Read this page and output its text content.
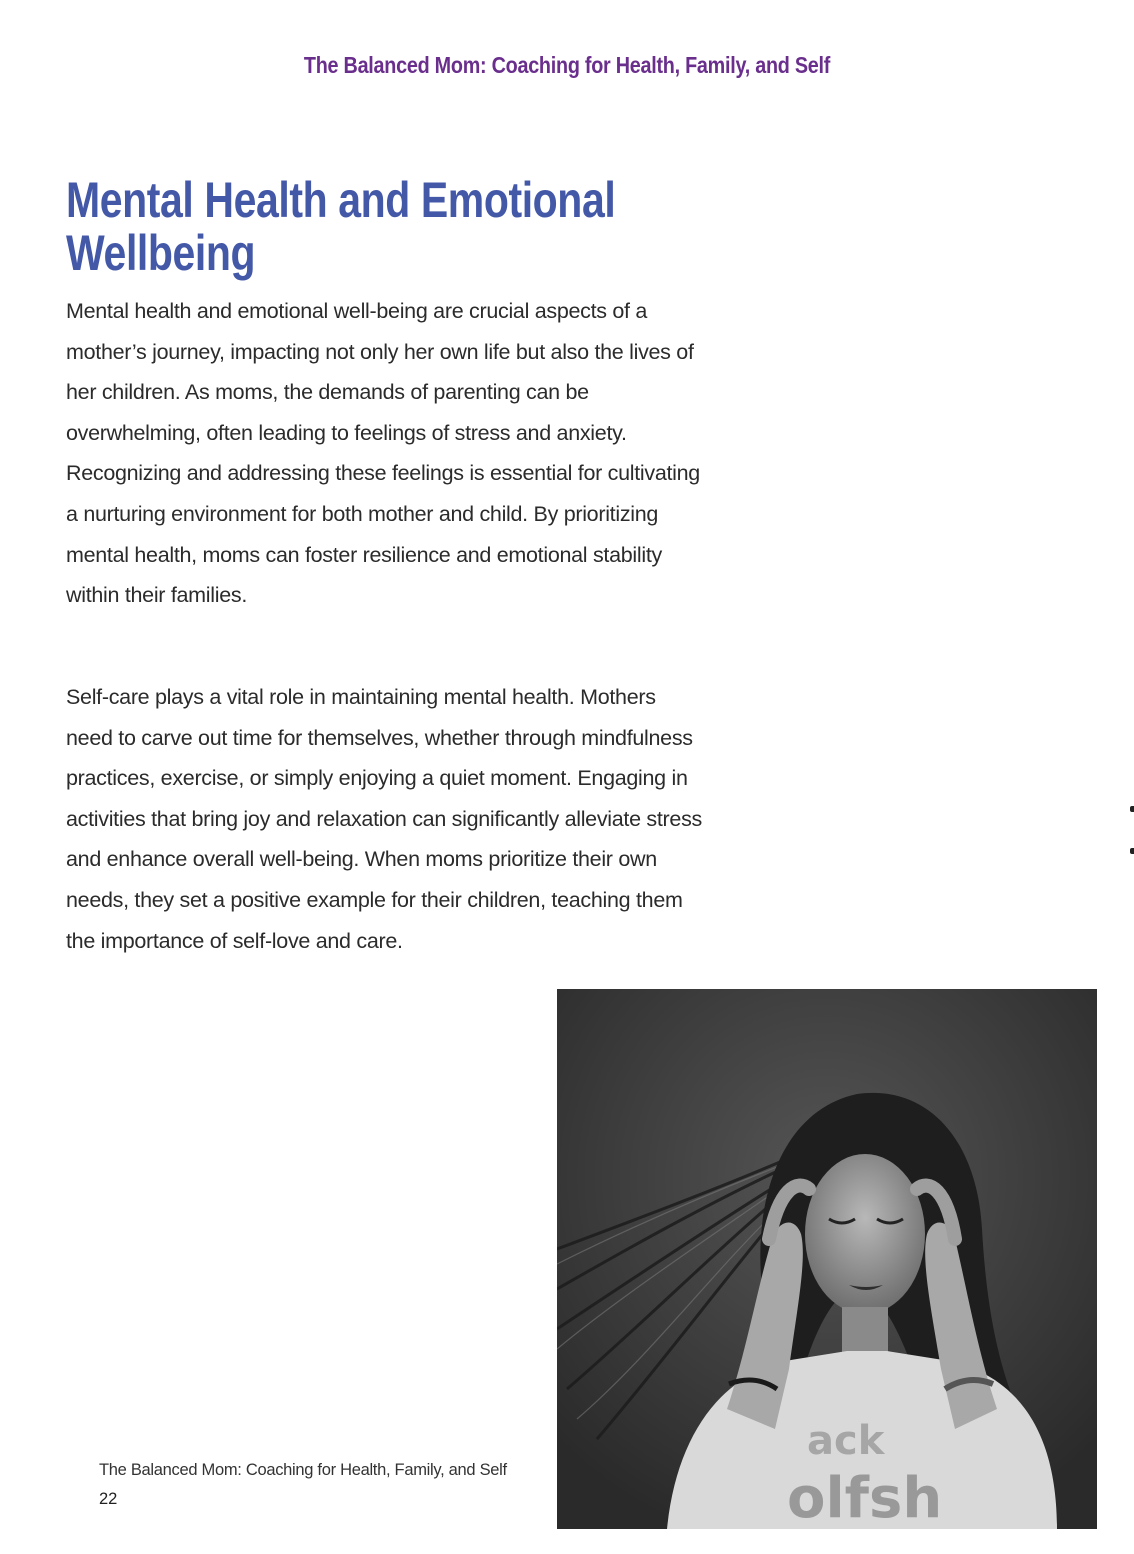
The Balanced Mom: Coaching for Health, Family, and Self
Mental Health and Emotional Wellbeing

Mental health and emotional well-being are crucial aspects of a mother’s journey, impacting not only her own life but also the lives of her children. As moms, the demands of parenting can be overwhelming, often leading to feelings of stress and anxiety. Recognizing and addressing these feelings is essential for cultivating a nurturing environment for both mother and child. By prioritizing mental health, moms can foster resilience and emotional stability within their families.

Self-care plays a vital role in maintaining mental health. Mothers need to carve out time for themselves, whether through mindfulness practices, exercise, or simply enjoying a quiet moment. Engaging in activities that bring joy and relaxation can significantly alleviate stress and enhance overall well-being. When moms prioritize their own needs, they set a positive example for their children, teaching them the importance of self-love and care.

ack
olfsh
The Balanced Mom: Coaching for Health, Family, and Self
22
